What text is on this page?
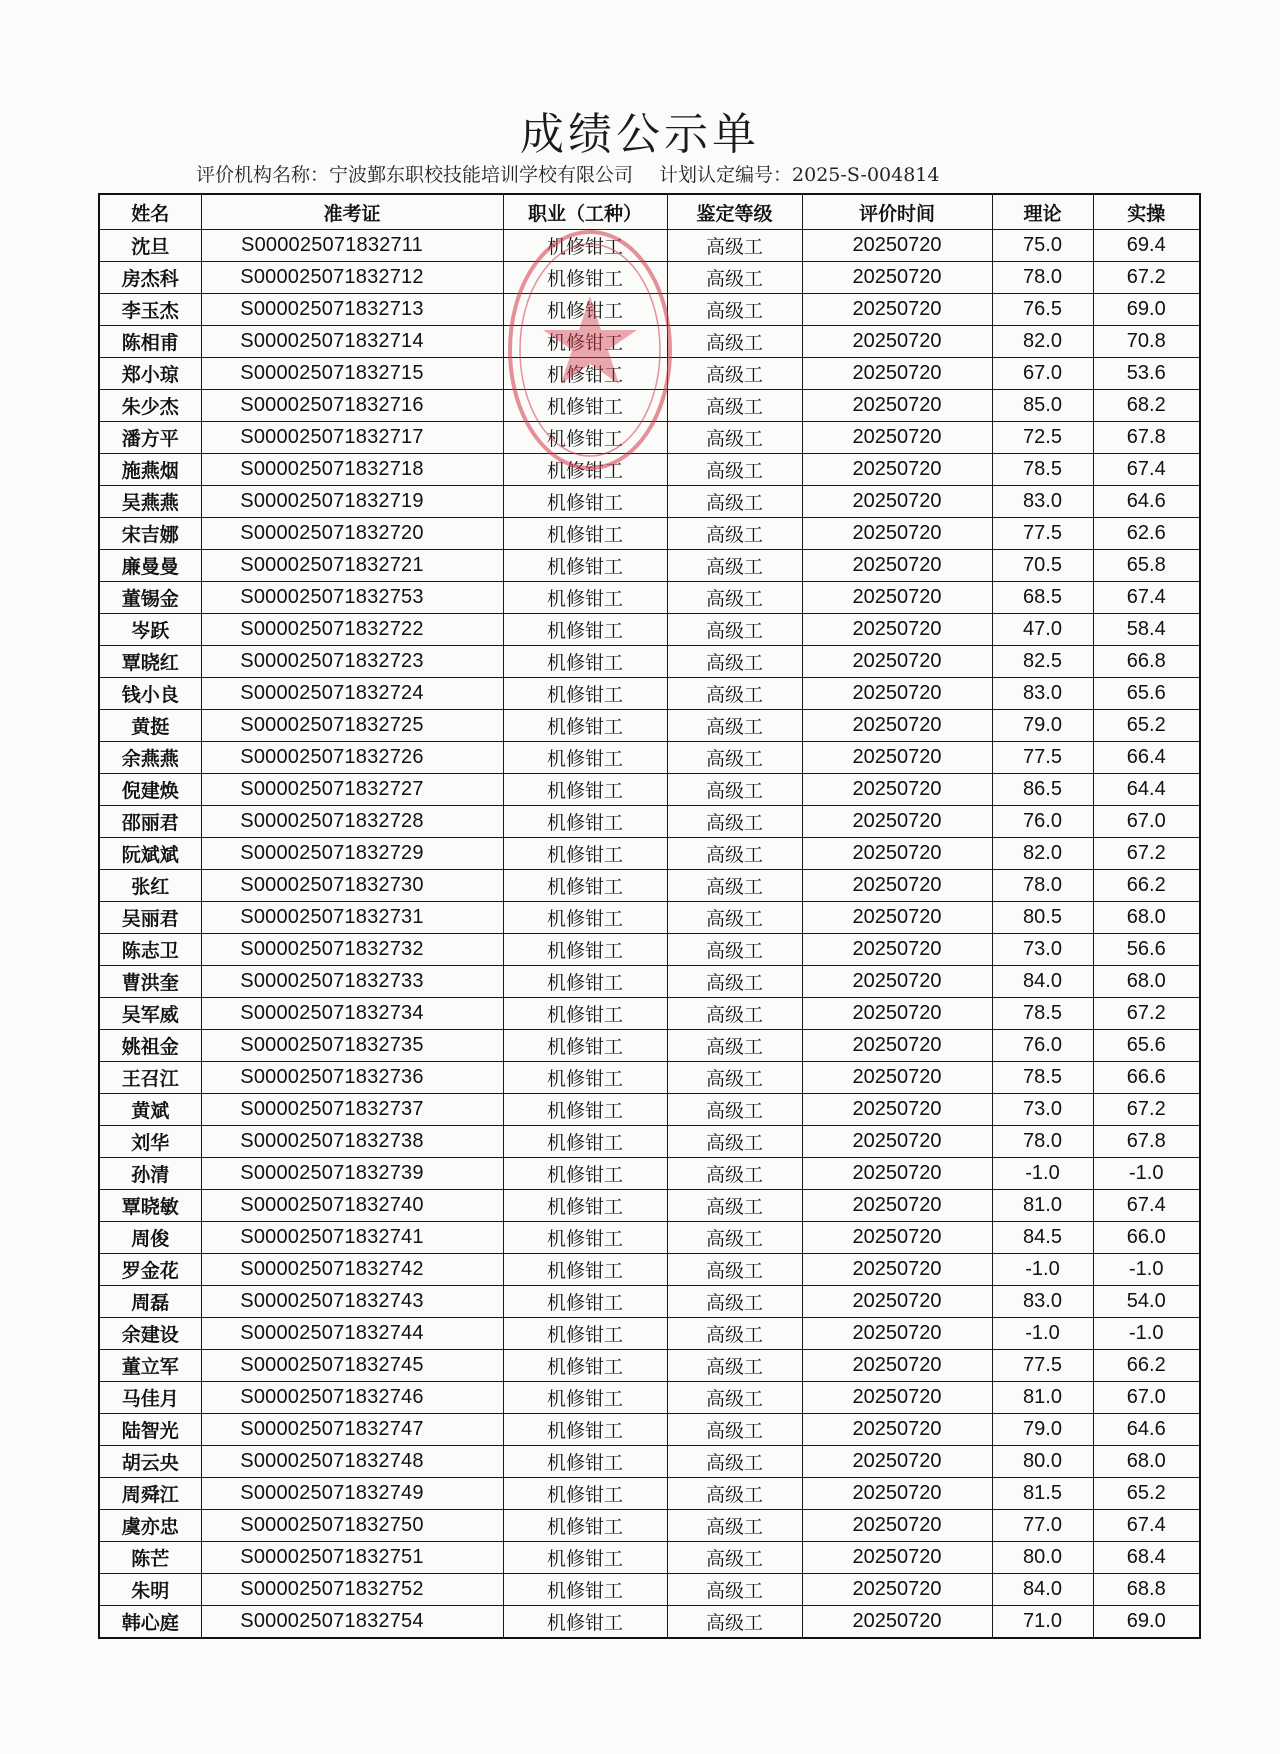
成绩公示单
评价机构名称：宁波鄞东职校技能培训学校有限公司 计划认定编号：2025-S-004814
姓名	准考证	职业（工种）	鉴定等级	评价时间	理论	实操
沈旦	S000025071832711	机修钳工	高级工	20250720	75.0	69.4
房杰科	S000025071832712	机修钳工	高级工	20250720	78.0	67.2
李玉杰	S000025071832713	机修钳工	高级工	20250720	76.5	69.0
陈相甫	S000025071832714	机修钳工	高级工	20250720	82.0	70.8
郑小琼	S000025071832715	机修钳工	高级工	20250720	67.0	53.6
朱少杰	S000025071832716	机修钳工	高级工	20250720	85.0	68.2
潘方平	S000025071832717	机修钳工	高级工	20250720	72.5	67.8
施燕烟	S000025071832718	机修钳工	高级工	20250720	78.5	67.4
吴燕燕	S000025071832719	机修钳工	高级工	20250720	83.0	64.6
宋吉娜	S000025071832720	机修钳工	高级工	20250720	77.5	62.6
廉曼曼	S000025071832721	机修钳工	高级工	20250720	70.5	65.8
董锡金	S000025071832753	机修钳工	高级工	20250720	68.5	67.4
岑跃	S000025071832722	机修钳工	高级工	20250720	47.0	58.4
覃晓红	S000025071832723	机修钳工	高级工	20250720	82.5	66.8
钱小良	S000025071832724	机修钳工	高级工	20250720	83.0	65.6
黄挺	S000025071832725	机修钳工	高级工	20250720	79.0	65.2
余燕燕	S000025071832726	机修钳工	高级工	20250720	77.5	66.4
倪建焕	S000025071832727	机修钳工	高级工	20250720	86.5	64.4
邵丽君	S000025071832728	机修钳工	高级工	20250720	76.0	67.0
阮斌斌	S000025071832729	机修钳工	高级工	20250720	82.0	67.2
张红	S000025071832730	机修钳工	高级工	20250720	78.0	66.2
吴丽君	S000025071832731	机修钳工	高级工	20250720	80.5	68.0
陈志卫	S000025071832732	机修钳工	高级工	20250720	73.0	56.6
曹洪奎	S000025071832733	机修钳工	高级工	20250720	84.0	68.0
吴军威	S000025071832734	机修钳工	高级工	20250720	78.5	67.2
姚祖金	S000025071832735	机修钳工	高级工	20250720	76.0	65.6
王召江	S000025071832736	机修钳工	高级工	20250720	78.5	66.6
黄斌	S000025071832737	机修钳工	高级工	20250720	73.0	67.2
刘华	S000025071832738	机修钳工	高级工	20250720	78.0	67.8
孙清	S000025071832739	机修钳工	高级工	20250720	-1.0	-1.0
覃晓敏	S000025071832740	机修钳工	高级工	20250720	81.0	67.4
周俊	S000025071832741	机修钳工	高级工	20250720	84.5	66.0
罗金花	S000025071832742	机修钳工	高级工	20250720	-1.0	-1.0
周磊	S000025071832743	机修钳工	高级工	20250720	83.0	54.0
余建设	S000025071832744	机修钳工	高级工	20250720	-1.0	-1.0
董立军	S000025071832745	机修钳工	高级工	20250720	77.5	66.2
马佳月	S000025071832746	机修钳工	高级工	20250720	81.0	67.0
陆智光	S000025071832747	机修钳工	高级工	20250720	79.0	64.6
胡云央	S000025071832748	机修钳工	高级工	20250720	80.0	68.0
周舜江	S000025071832749	机修钳工	高级工	20250720	81.5	65.2
虞亦忠	S000025071832750	机修钳工	高级工	20250720	77.0	67.4
陈芒	S000025071832751	机修钳工	高级工	20250720	80.0	68.4
朱明	S000025071832752	机修钳工	高级工	20250720	84.0	68.8
韩心庭	S000025071832754	机修钳工	高级工	20250720	71.0	69.0
